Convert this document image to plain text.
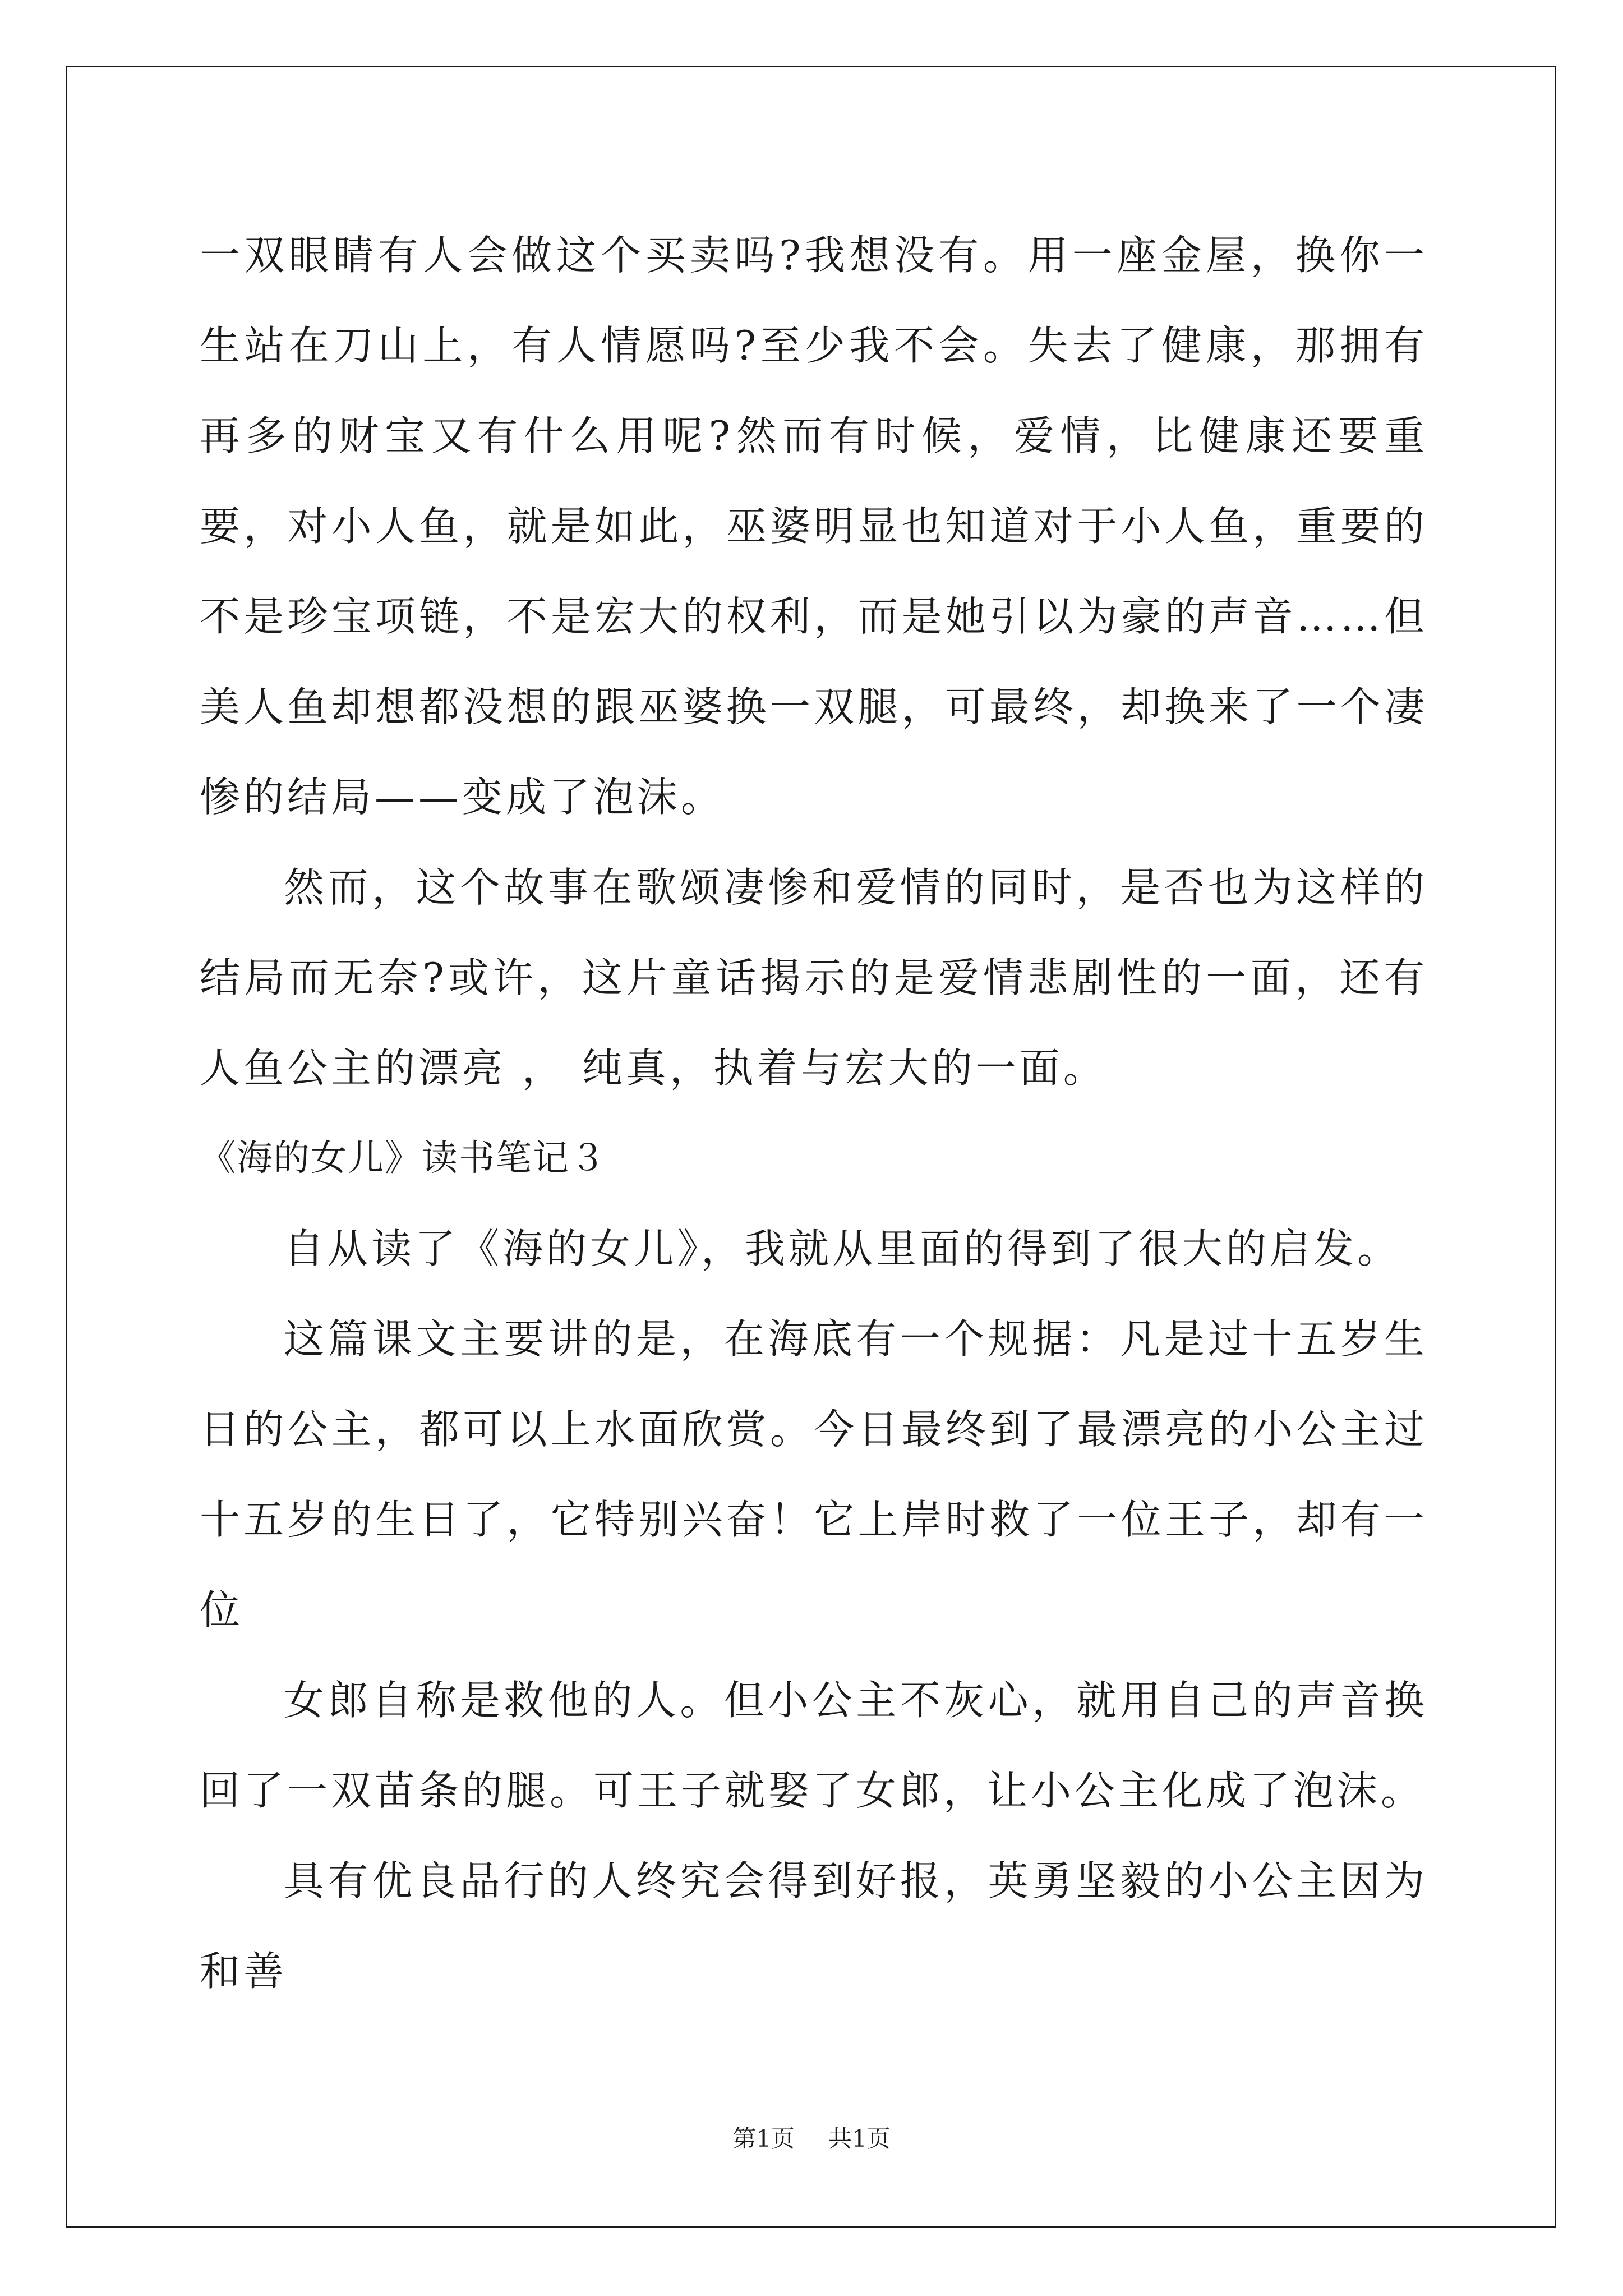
一双眼睛有人会做这个买卖吗?我想没有。用一座金屋，换你一生站在刀山上，有人情愿吗?至少我不会。失去了健康，那拥有再多的财宝又有什么用呢?然而有时候，爱情，比健康还要重要，对小人鱼，就是如此，巫婆明显也知道对于小人鱼，重要的不是珍宝项链，不是宏大的权利，而是她引以为豪的声音……但美人鱼却想都没想的跟巫婆换一双腿，可最终，却换来了一个凄惨的结局——变成了泡沫。

然而，这个故事在歌颂凄惨和爱情的同时，是否也为这样的结局而无奈?或许，这片童话揭示的是爱情悲剧性的一面，还有人鱼公主的漂亮 ， 纯真，执着与宏大的一面。

《海的女儿》读书笔记３

自从读了《海的女儿》，我就从里面的得到了很大的启发。

这篇课文主要讲的是，在海底有一个规据：凡是过十五岁生日的公主，都可以上水面欣赏。今日最终到了最漂亮的小公主过十五岁的生日了，它特别兴奋！它上岸时救了一位王子，却有一位

女郎自称是救他的人。但小公主不灰心，就用自己的声音换回了一双苗条的腿。可王子就娶了女郎，让小公主化成了泡沫。

具有优良品行的人终究会得到好报，英勇坚毅的小公主因为和善

第1页 共1页
